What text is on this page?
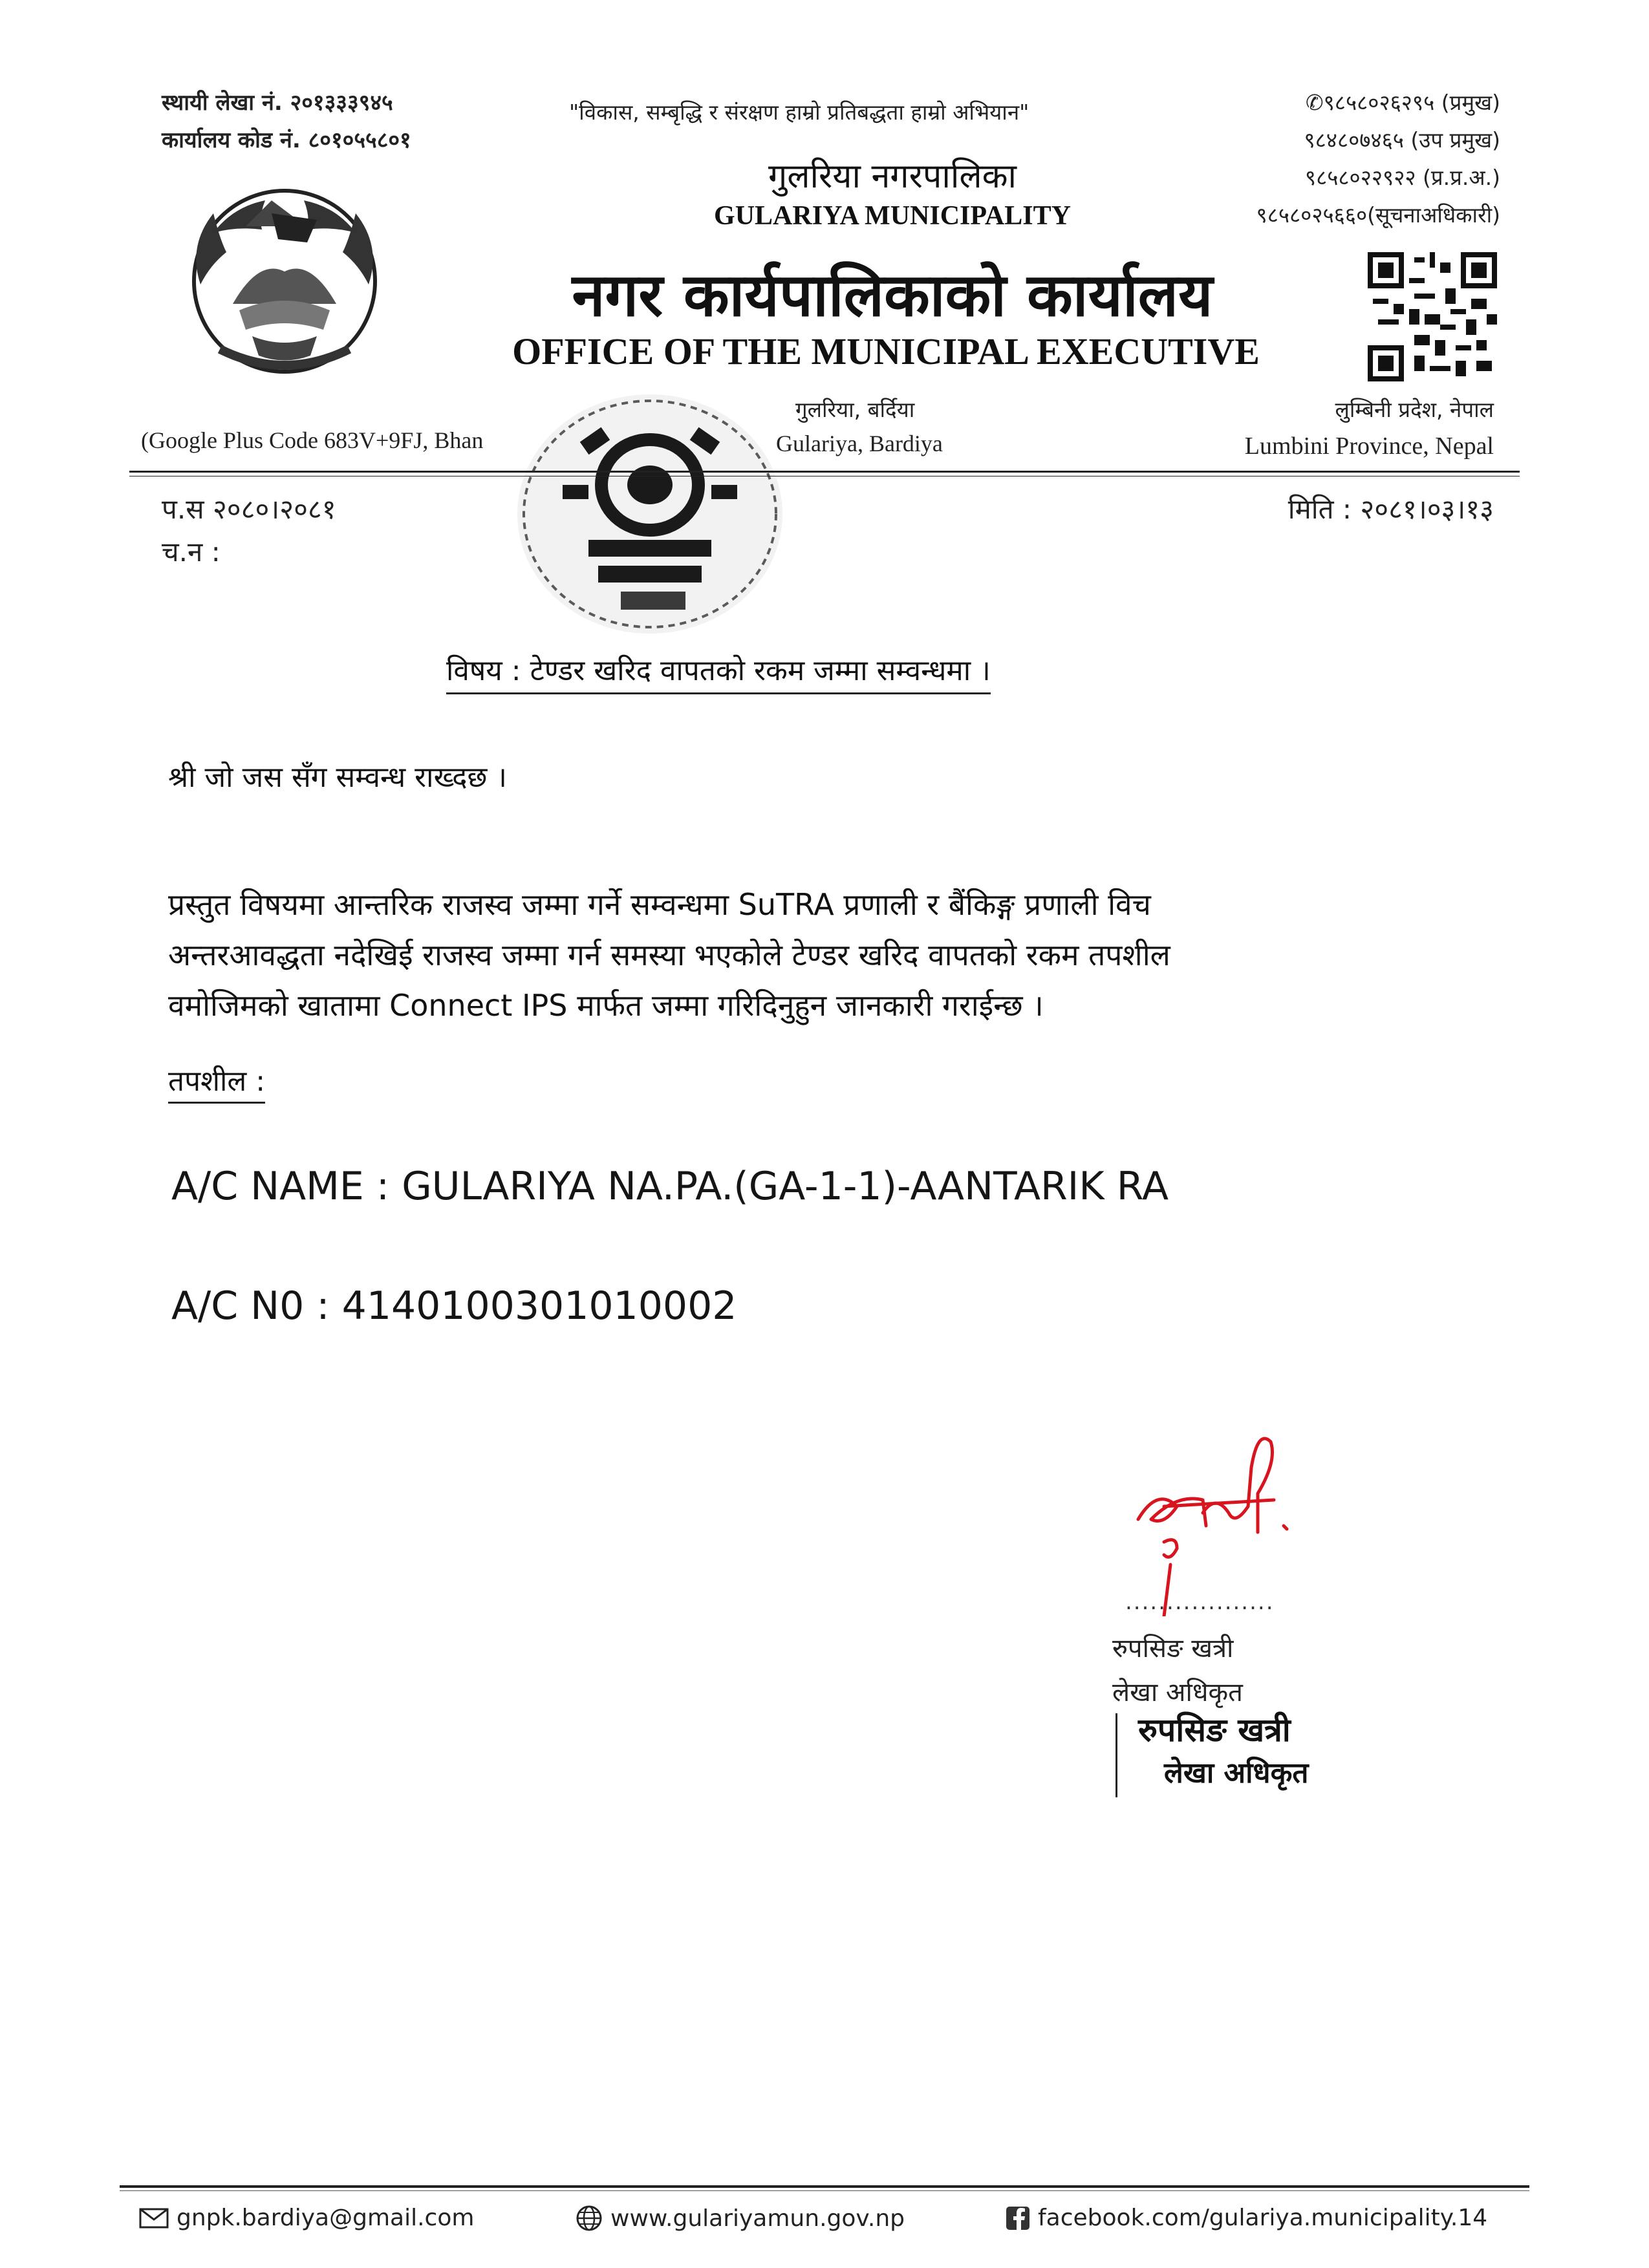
स्थायी लेखा नं. २०१३३३९४५
कार्यालय कोड नं. ८०१०५५८०१
"विकास, सम्बृद्धि र संरक्षण हाम्रो प्रतिबद्धता हाम्रो अभियान"	✆९८५८०२६२९५ (प्रमुख)
९८४८०७४६५ (उप प्रमुख)
९८५८०२२९२२ (प्र.प्र.अ.)
९८५८०२५६६०(सूचनाअधिकारी)
गुलरिया नगरपालिका
GULARIYA MUNICIPALITY
नगर कार्यपालिकाको कार्यालय
OFFICE OF THE MUNICIPAL EXECUTIVE
गुलरिया, बर्दिया
Gulariya, Bardiya
लुम्बिनी प्रदेश, नेपाल
Lumbini Province, Nepal
(Google Plus Code 683V+9FJ, Bhan
प.स २०८०।२०८१
च.न :
मिति : २०८१।०३।१३
विषय : टेण्डर खरिद वापतको रकम जम्मा सम्वन्धमा ।
श्री जो जस सँग सम्वन्ध राख्दछ ।
प्रस्तुत विषयमा आन्तरिक राजस्व जम्मा गर्ने सम्वन्धमा SuTRA प्रणाली र बैंकिङ्ग प्रणाली विच
अन्तरआवद्धता नदेखिई राजस्व जम्मा गर्न समस्या भएकोले टेण्डर खरिद वापतको रकम तपशील
वमोजिमको खातामा Connect IPS मार्फत जम्मा गरिदिनुहुन जानकारी गराईन्छ ।
तपशील :
A/C NAME : GULARIYA NA.PA.(GA-1-1)-AANTARIK RA
A/C N0 : 4140100301010002
..................
रुपसिङ खत्री
लेखा अधिकृत
रुपसिङ खत्री
लेखा अधिकृत
gnpk.bardiya@gmail.com	www.gulariyamun.gov.np	facebook.com/gulariya.municipality.14
